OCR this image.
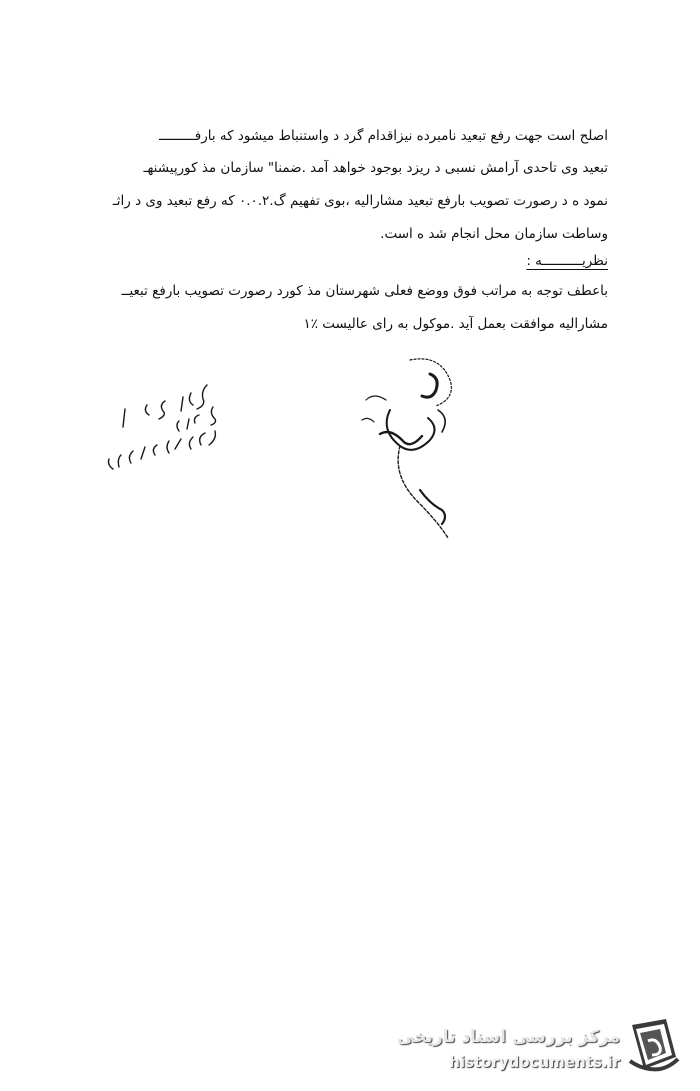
اصلح است جهت رفع تبعید نامبرده نیزاقدام گرد د واستنباط میشود که بارفـــــــــ
تبعید وی تاحدی آرامش نسبی د ریزد بوجود خواهد آمد .ضمنا" سازمان مذ کورپیشنهـ
نمود ه د رصورت تصویب بارفع تبعید مشارالیه ،بوی تفهیم گ.۰.۰.۲ که رفع تبعید وی د راثـ
وساطت سازمان محل انجام شد ه است.
نظریــــــــــه :
باعطف توجه به مراتب فوق ووضع فعلی شهرستان مذ کورد رصورت تصویب بارفع تبعیــ
مشارالیه موافقت بعمل آید .موکول به رای عالیست ٪۱
مرکز بررسی اسناد تاریخی
historydocuments.ir
